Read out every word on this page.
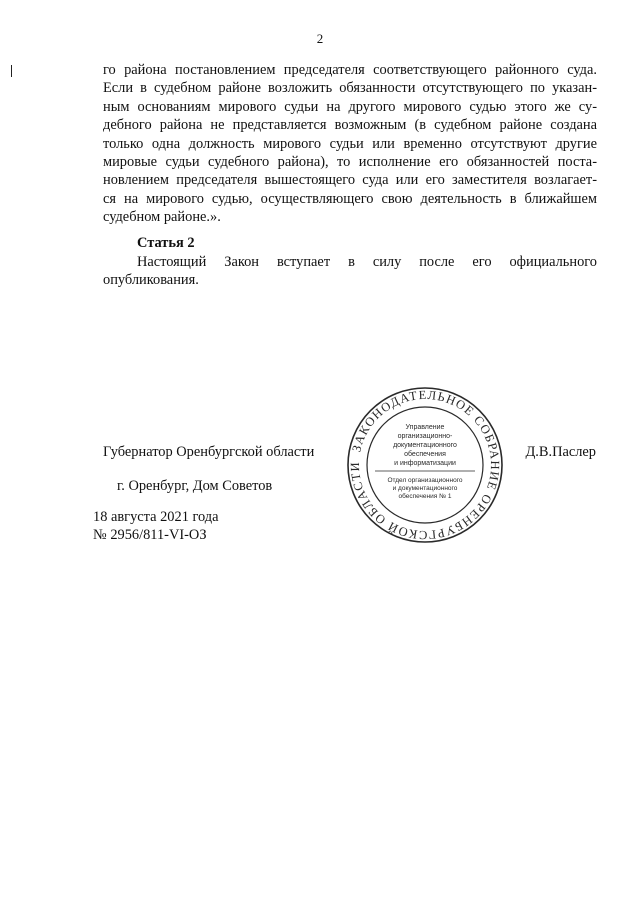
2
го района постановлением председателя соответствующего районного суда.
Если в судебном районе возложить обязанности отсутствующего по указан-
ным основаниям мирового судьи на другого мирового судью этого же су-
дебного района не представляется возможным (в судебном районе создана
только одна должность мирового судьи или временно отсутствуют другие
мировые судьи судебного района), то исполнение его обязанностей поста-
новлением председателя вышестоящего суда или его заместителя возлагает-
ся на мирового судью, осуществляющего свою деятельность в ближайшем
судебном районе.».
Статья 2
Настоящий Закон вступает в силу после его официального
опубликования.
Губернатор Оренбургской области	Д.В.Паслер
г. Оренбург, Дом Советов
18 августа 2021 года
№ 2956/811-VI-ОЗ
ЗАКОНОДАТЕЛЬНОЕ СОБРАНИЕ ОРЕНБУРГСКОЙ ОБЛАСТИ
Управление
организационно-
документационного
обеспечения
и информатизации
Отдел организационного
и документационного
обеспечения № 1
